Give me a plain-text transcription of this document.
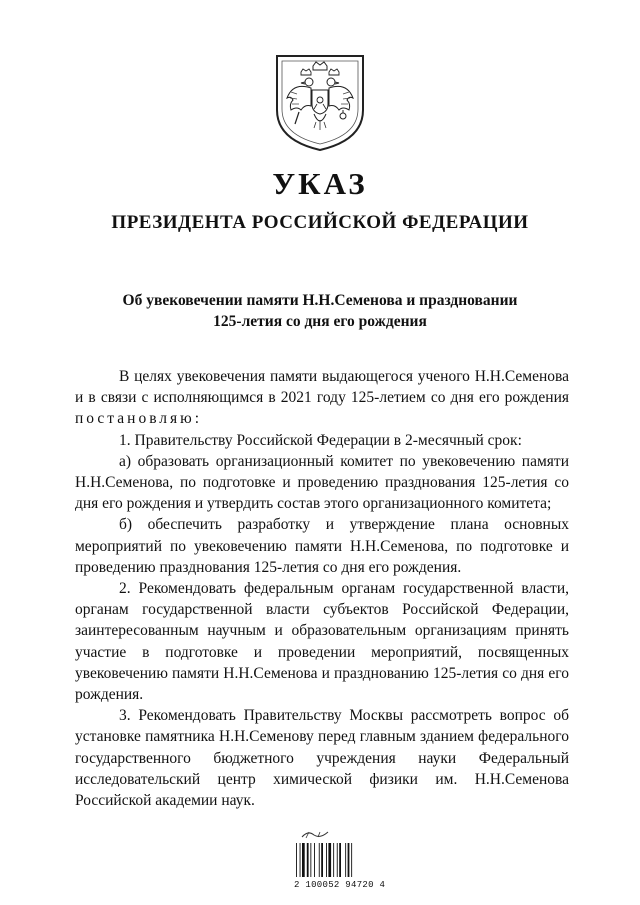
УКАЗ
ПРЕЗИДЕНТА РОССИЙСКОЙ ФЕДЕРАЦИИ
Об увековечении памяти Н.Н.Семенова и праздновании
125-летия со дня его рождения

В целях увековечения памяти выдающегося ученого Н.Н.Семенова и в связи с исполняющимся в 2021 году 125-летием со дня его рождения постановляю:

1. Правительству Российской Федерации в 2-месячный срок:

а) образовать организационный комитет по увековечению памяти Н.Н.Семенова, по подготовке и проведению празднования 125-летия со дня его рождения и утвердить состав этого организационного комитета;

б) обеспечить разработку и утверждение плана основных мероприятий по увековечению памяти Н.Н.Семенова, по подготовке и проведению празднования 125-летия со дня его рождения.

2. Рекомендовать федеральным органам государственной власти, органам государственной власти субъектов Российской Федерации, заинтересованным научным и образовательным организациям принять участие в подготовке и проведении мероприятий, посвященных увековечению памяти Н.Н.Семенова и празднованию 125-летия со дня его рождения.

3. Рекомендовать Правительству Москвы рассмотреть вопрос об установке памятника Н.Н.Семенову перед главным зданием федерального государственного бюджетного учреждения науки Федеральный исследовательский центр химической физики им. Н.Н.Семенова Российской академии наук.

2 100052 94720 4
